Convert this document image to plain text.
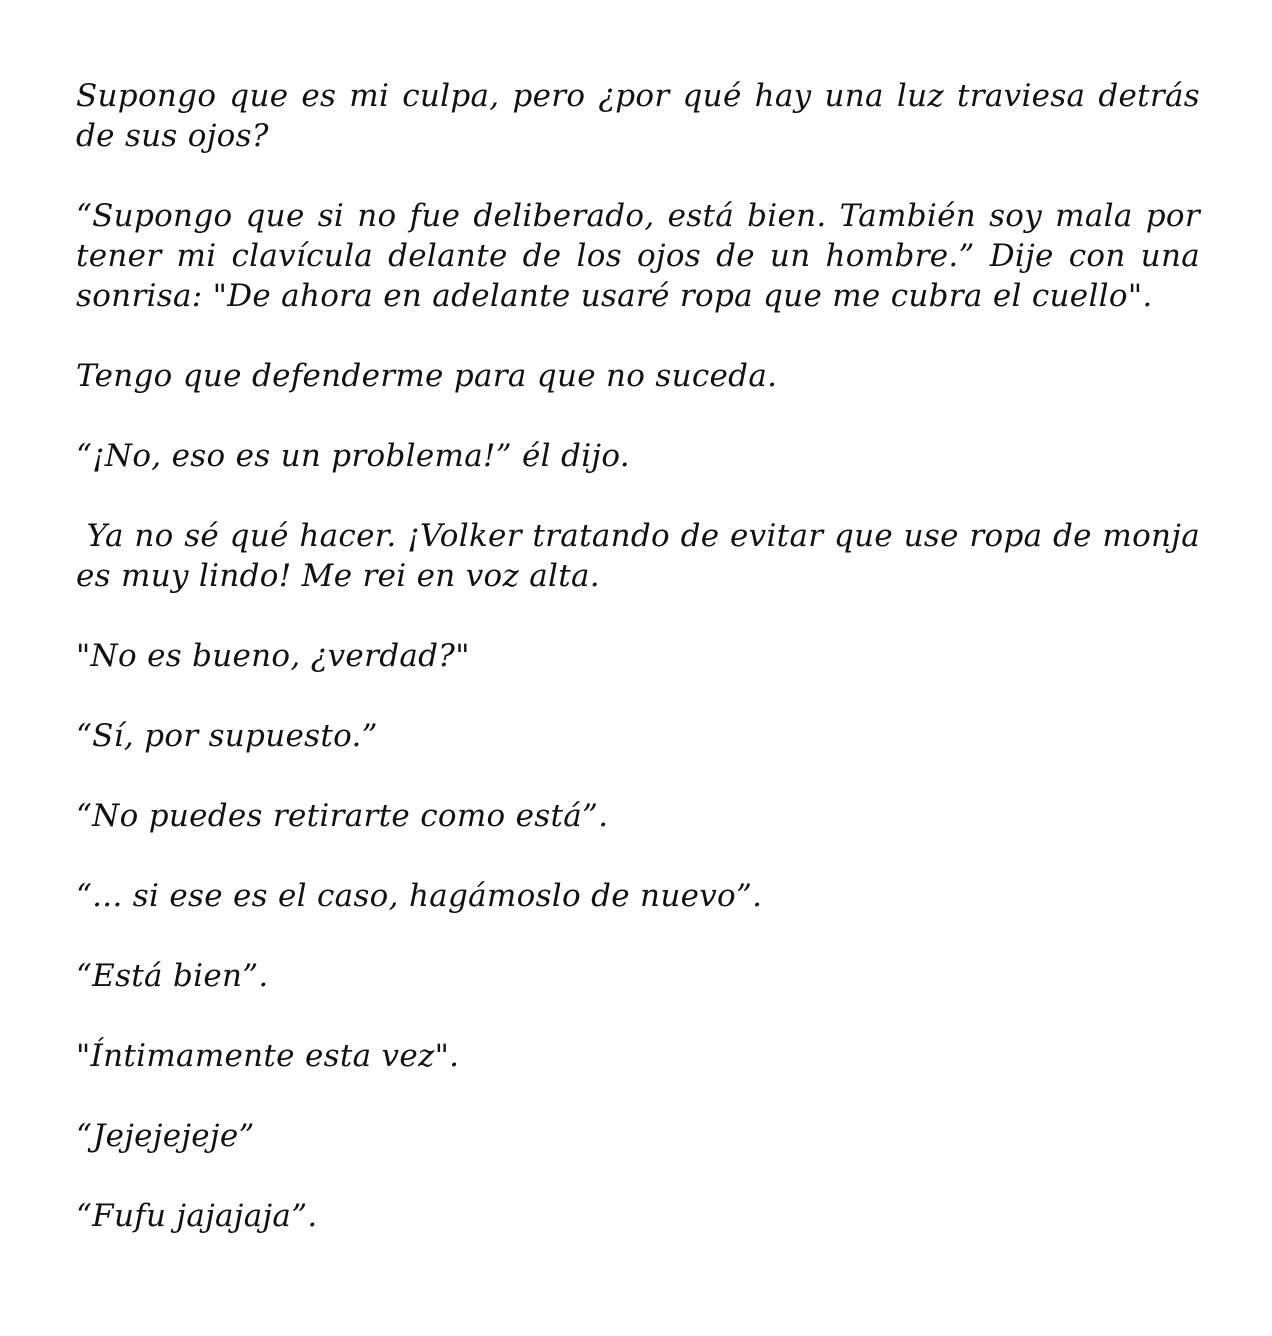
Supongo que es mi culpa, pero ¿por qué hay una luz traviesa detrás de sus ojos?

“Supongo que si no fue deliberado, está bien. También soy mala por tener mi clavícula delante de los ojos de un hombre.” Dije con una sonrisa: "De ahora en adelante usaré ropa que me cubra el cuello".

Tengo que defenderme para que no suceda.

“¡No, eso es un problema!” él dijo.

Ya no sé qué hacer. ¡Volker tratando de evitar que use ropa de monja es muy lindo! Me rei en voz alta.

"No es bueno, ¿verdad?"

“Sí, por supuesto.”

“No puedes retirarte como está”.

“... si ese es el caso, hagámoslo de nuevo”.

“Está bien”.

"Íntimamente esta vez".

“Jejejejeje”

“Fufu jajajaja”.
